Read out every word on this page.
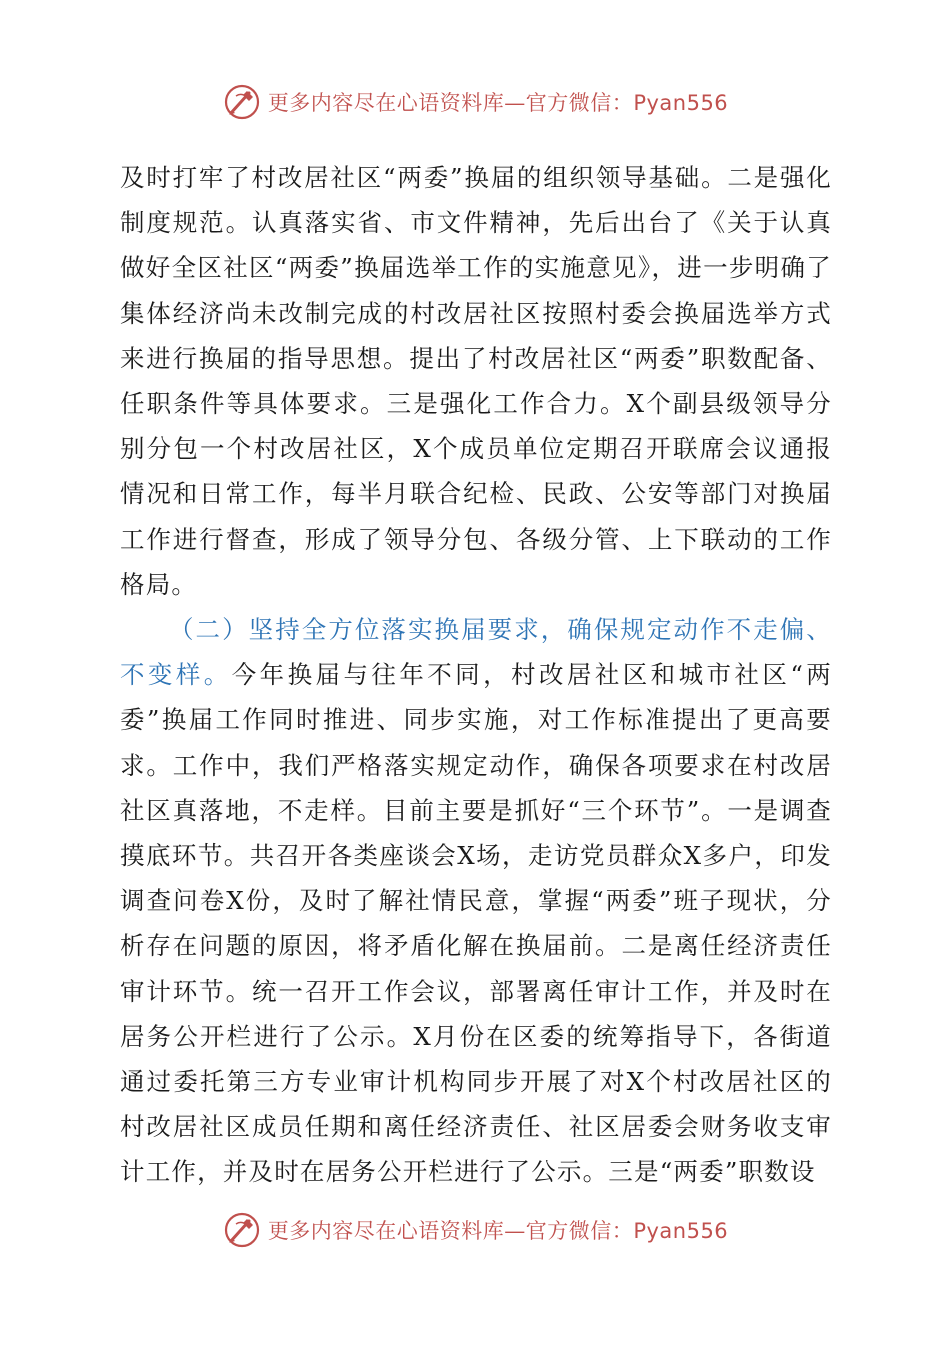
更多内容尽在心语资料库—官方微信：Pyan556

及时打牢了村改居社区“两委”换届的组织领导基础。二是强化制度规范。认真落实省、市文件精神，先后出台了《关于认真做好全区社区“两委”换届选举工作的实施意见》，进一步明确了集体经济尚未改制完成的村改居社区按照村委会换届选举方式来进行换届的指导思想。提出了村改居社区“两委”职数配备、任职条件等具体要求。三是强化工作合力。X个副县级领导分别分包一个村改居社区，X个成员单位定期召开联席会议通报情况和日常工作，每半月联合纪检、民政、公安等部门对换届工作进行督查，形成了领导分包、各级分管、上下联动的工作格局。

（二）坚持全方位落实换届要求，确保规定动作不走偏、不变样。今年换届与往年不同，村改居社区和城市社区“两委”换届工作同时推进、同步实施，对工作标准提出了更高要求。工作中，我们严格落实规定动作，确保各项要求在村改居社区真落地，不走样。目前主要是抓好“三个环节”。一是调查摸底环节。共召开各类座谈会X场，走访党员群众X多户，印发调查问卷X份，及时了解社情民意，掌握“两委”班子现状，分析存在问题的原因，将矛盾化解在换届前。二是离任经济责任审计环节。统一召开工作会议，部署离任审计工作，并及时在居务公开栏进行了公示。X月份在区委的统筹指导下，各街道通过委托第三方专业审计机构同步开展了对X个村改居社区的村改居社区成员任期和离任经济责任、社区居委会财务收支审计工作，并及时在居务公开栏进行了公示。三是“两委”职数设

更多内容尽在心语资料库—官方微信：Pyan556
